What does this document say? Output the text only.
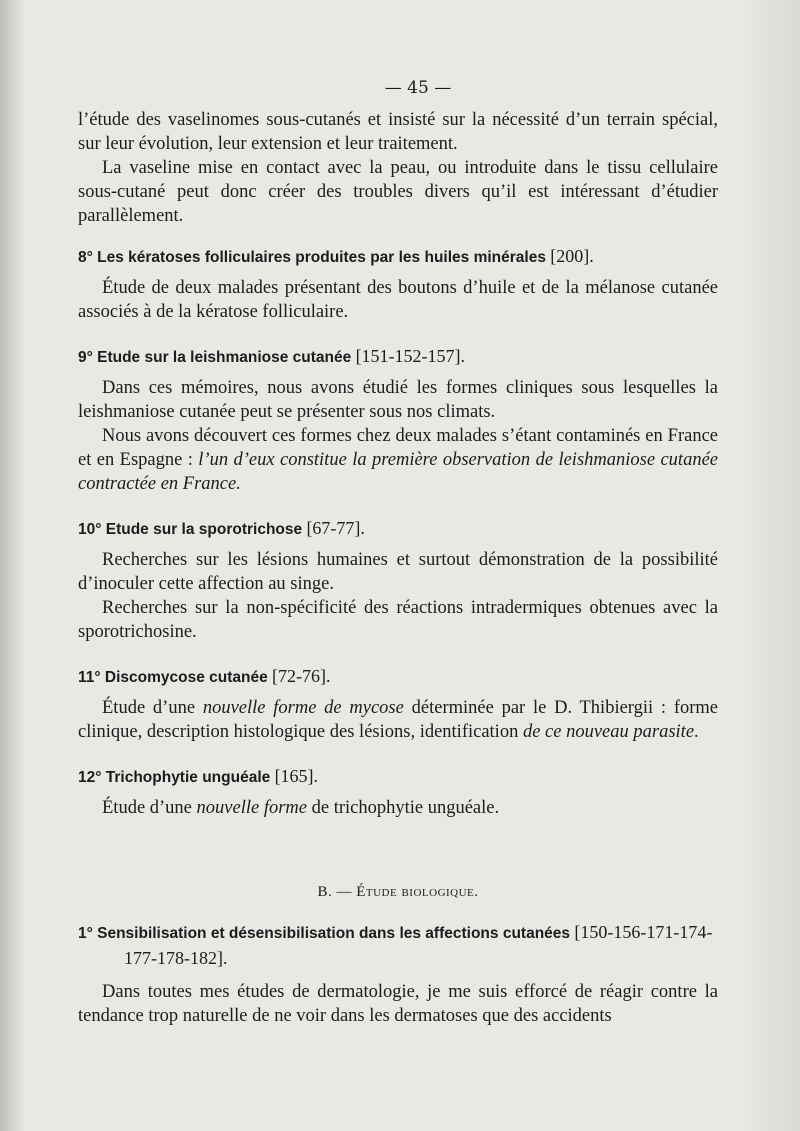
— 45 —

l’étude des vaselinomes sous-cutanés et insisté sur la nécessité d’un terrain spécial, sur leur évolution, leur extension et leur traitement.

La vaseline mise en contact avec la peau, ou introduite dans le tissu cellulaire sous-cutané peut donc créer des troubles divers qu’il est intéressant d’étudier parallèlement.

8° Les kératoses folliculaires produites par les huiles minérales [200].

Étude de deux malades présentant des boutons d’huile et de la mélanose cutanée associés à de la kératose folliculaire.

9° Etude sur la leishmaniose cutanée [151-152-157].

Dans ces mémoires, nous avons étudié les formes cliniques sous lesquelles la leishmaniose cutanée peut se présenter sous nos climats.

Nous avons découvert ces formes chez deux malades s’étant contaminés en France et en Espagne : l’un d’eux constitue la première observation de leishmaniose cutanée contractée en France.

10° Etude sur la sporotrichose [67-77].

Recherches sur les lésions humaines et surtout démonstration de la possibilité d’inoculer cette affection au singe.

Recherches sur la non-spécificité des réactions intradermiques obtenues avec la sporotrichosine.

11° Discomycose cutanée [72-76].

Étude d’une nouvelle forme de mycose déterminée par le D. Thibiergii : forme clinique, description histologique des lésions, identification de ce nouveau parasite.

12° Trichophytie unguéale [165].

Étude d’une nouvelle forme de trichophytie unguéale.

B. — Étude biologique.

1° Sensibilisation et désensibilisation dans les affections cutanées [150-156-171-174-

177-178-182].

Dans toutes mes études de dermatologie, je me suis efforcé de réagir contre la tendance trop naturelle de ne voir dans les dermatoses que des accidents
